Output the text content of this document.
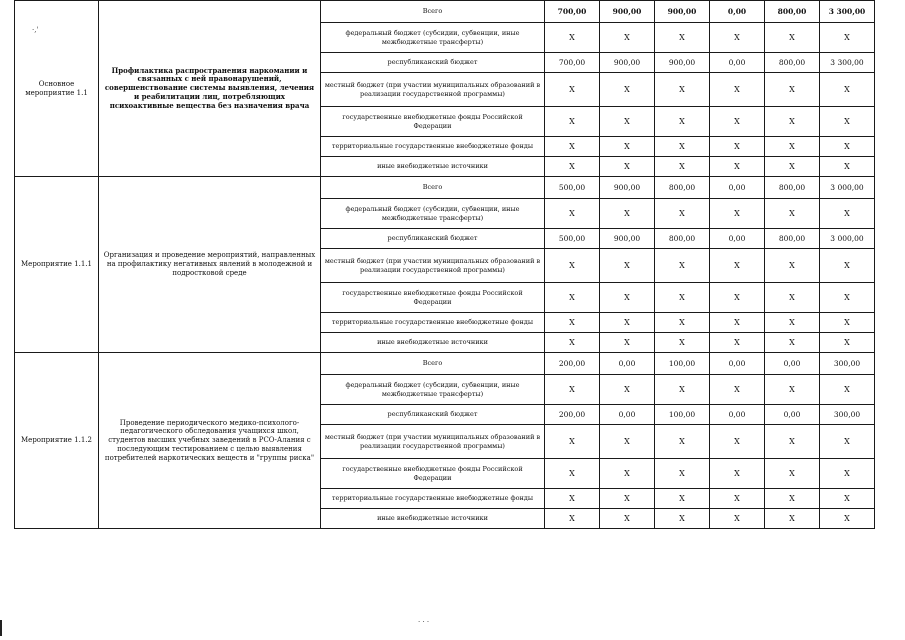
Основное мероприятие 1.1	Профилактика распространения наркомании и связанных с ней правонарушений, совершенствование системы выявления, лечения и реабилитации лиц, потребляющих психоактивные вещества без назначения врача	Всего	700,00	900,00	900,00	0,00	800,00	3 300,00
		федеральный бюджет (субсидии, субвенции, иные межбюджетные трансферты)	X	X	X	X	X	X
		республиканский бюджет	700,00	900,00	900,00	0,00	800,00	3 300,00
		местный бюджет (при участии муниципальных образований в реализации государственной программы)	X	X	X	X	X	X
		государственные внебюджетные фонды Российской Федерации	X	X	X	X	X	X
		территориальные государственные внебюджетные фонды	X	X	X	X	X	X
		иные внебюджетные источники	X	X	X	X	X	X
Мероприятие 1.1.1	Организация и проведение мероприятий, направленных на профилактику негативных явлений в молодежной и подростковой среде	Всего	500,00	900,00	800,00	0,00	800,00	3 000,00
		федеральный бюджет (субсидии, субвенции, иные межбюджетные трансферты)	X	X	X	X	X	X
		республиканский бюджет	500,00	900,00	800,00	0,00	800,00	3 000,00
		местный бюджет (при участии муниципальных образований в реализации государственной программы)	X	X	X	X	X	X
		государственные внебюджетные фонды Российской Федерации	X	X	X	X	X	X
		территориальные государственные внебюджетные фонды	X	X	X	X	X	X
		иные внебюджетные источники	X	X	X	X	X	X
Мероприятие 1.1.2	Проведение периодического медико-психолого-педагогического обследования учащихся школ, студентов высших учебных заведений в РСО-Алания с последующим тестированием с целью выявления потребителей наркотических веществ и "группы риска"	Всего	200,00	0,00	100,00	0,00	0,00	300,00
		федеральный бюджет (субсидии, субвенции, иные межбюджетные трансферты)	X	X	X	X	X	X
		республиканский бюджет	200,00	0,00	100,00	0,00	0,00	300,00
		местный бюджет (при участии муниципальных образований в реализации государственной программы)	X	X	X	X	X	X
		государственные внебюджетные фонды Российской Федерации	X	X	X	X	X	X
		территориальные государственные внебюджетные фонды	X	X	X	X	X	X
		иные внебюджетные источники	X	X	X	X	X	X
·,'
· · ·
